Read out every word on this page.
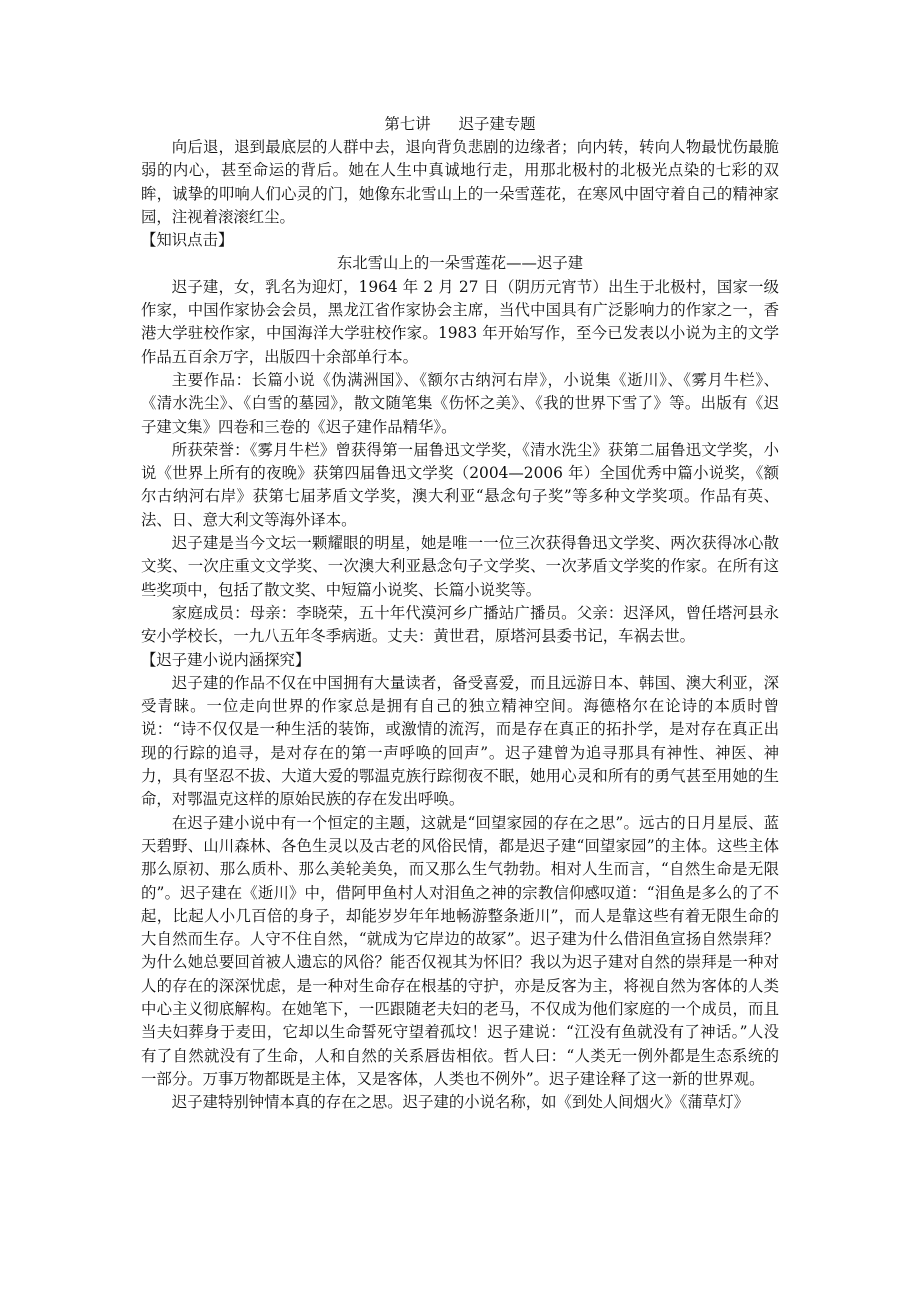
第七讲 迟子建专题

向后退，退到最底层的人群中去，退向背负悲剧的边缘者；向内转，转向人物最忧伤最脆弱的内心，甚至命运的背后。她在人生中真诚地行走，用那北极村的北极光点染的七彩的双眸，诚挚的叩响人们心灵的门，她像东北雪山上的一朵雪莲花，在寒风中固守着自己的精神家园，注视着滚滚红尘。

【知识点击】

东北雪山上的一朵雪莲花——迟子建

迟子建，女，乳名为迎灯，1964 年 2 月 27 日（阴历元宵节）出生于北极村，国家一级作家，中国作家协会会员，黑龙江省作家协会主席，当代中国具有广泛影响力的作家之一，香港大学驻校作家，中国海洋大学驻校作家。1983 年开始写作，至今已发表以小说为主的文学作品五百余万字，出版四十余部单行本。

主要作品：长篇小说《伪满洲国》、《额尔古纳河右岸》，小说集《逝川》、《雾月牛栏》、《清水洗尘》、《白雪的墓园》，散文随笔集《伤怀之美》、《我的世界下雪了》等。出版有《迟子建文集》四卷和三卷的《迟子建作品精华》。

所获荣誉：《雾月牛栏》曾获得第一届鲁迅文学奖，《清水洗尘》获第二届鲁迅文学奖，小说《世界上所有的夜晚》获第四届鲁迅文学奖（2004—2006 年）全国优秀中篇小说奖，《额尔古纳河右岸》获第七届茅盾文学奖，澳大利亚“悬念句子奖”等多种文学奖项。作品有英、法、日、意大利文等海外译本。

迟子建是当今文坛一颗耀眼的明星，她是唯一一位三次获得鲁迅文学奖、两次获得冰心散文奖、一次庄重文文学奖、一次澳大利亚悬念句子文学奖、一次茅盾文学奖的作家。在所有这些奖项中，包括了散文奖、中短篇小说奖、长篇小说奖等。

家庭成员：母亲：李晓荣，五十年代漠河乡广播站广播员。父亲：迟泽风，曾任塔河县永安小学校长，一九八五年冬季病逝。丈夫：黄世君，原塔河县委书记，车祸去世。

【迟子建小说内涵探究】

迟子建的作品不仅在中国拥有大量读者，备受喜爱，而且远游日本、韩国、澳大利亚，深受青睐。一位走向世界的作家总是拥有自己的独立精神空间。海德格尔在论诗的本质时曾说：“诗不仅仅是一种生活的装饰，或激情的流泻，而是存在真正的拓扑学，是对存在真正出现的行踪的追寻，是对存在的第一声呼唤的回声”。迟子建曾为追寻那具有神性、神医、神力，具有坚忍不拔、大道大爱的鄂温克族行踪彻夜不眠，她用心灵和所有的勇气甚至用她的生命，对鄂温克这样的原始民族的存在发出呼唤。

在迟子建小说中有一个恒定的主题，这就是“回望家园的存在之思”。远古的日月星辰、蓝天碧野、山川森林、各色生灵以及古老的风俗民情，都是迟子建“回望家园”的主体。这些主体那么原初、那么质朴、那么美轮美奂，而又那么生气勃勃。相对人生而言，“自然生命是无限的”。迟子建在《逝川》中，借阿甲鱼村人对泪鱼之神的宗教信仰感叹道：“泪鱼是多么的了不起，比起人小几百倍的身子，却能岁岁年年地畅游整条逝川”，而人是靠这些有着无限生命的大自然而生存。人守不住自然，“就成为它岸边的故冢”。迟子建为什么借泪鱼宣扬自然崇拜？为什么她总要回首被人遗忘的风俗？能否仅视其为怀旧？我以为迟子建对自然的崇拜是一种对人的存在的深深忧虑，是一种对生命存在根基的守护，亦是反客为主，将视自然为客体的人类中心主义彻底解构。在她笔下，一匹跟随老夫妇的老马，不仅成为他们家庭的一个成员，而且当夫妇葬身于麦田，它却以生命誓死守望着孤坟！迟子建说：“江没有鱼就没有了神话。”人没有了自然就没有了生命，人和自然的关系唇齿相依。哲人曰：“人类无一例外都是生态系统的一部分。万事万物都既是主体，又是客体，人类也不例外”。迟子建诠释了这一新的世界观。

迟子建特别钟情本真的存在之思。迟子建的小说名称，如《到处人间烟火》《蒲草灯》
